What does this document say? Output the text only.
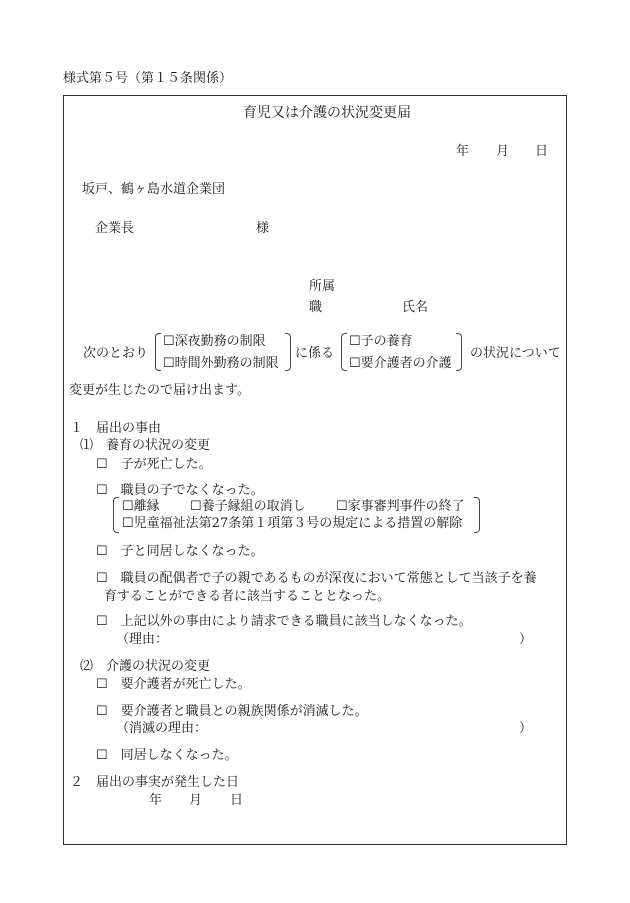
様式第５号（第１５条関係）
育児又は介護の状況変更届
年 月 日
坂戸、鶴ヶ島水道企業団
企業長	様
所属
職	氏名
次のとおり
☐深夜勤務の制限
☐時間外勤務の制限
に係る
☐子の養育
☐要介護者の介護
の状況について
変更が生じたので届け出ます。
１　届出の事由
⑴　養育の状況の変更
☐　子が死亡した。
☐　職員の子でなくなった。
☐離縁 ☐養子縁組の取消し ☐家事審判事件の終了
☐児童福祉法第27条第１項第３号の規定による措置の解除
☐　子と同居しなくなった。
☐　職員の配偶者で子の親であるものが深夜において常態として当該子を養
育することができる者に該当することとなった。
☐　上記以外の事由により請求できる職員に該当しなくなった。
（理由：	）
⑵　介護の状況の変更
☐　要介護者が死亡した。
☐　要介護者と職員との親族関係が消滅した。
（消滅の理由：	）
☐　同居しなくなった。
２　届出の事実が発生した日
年 月 日
